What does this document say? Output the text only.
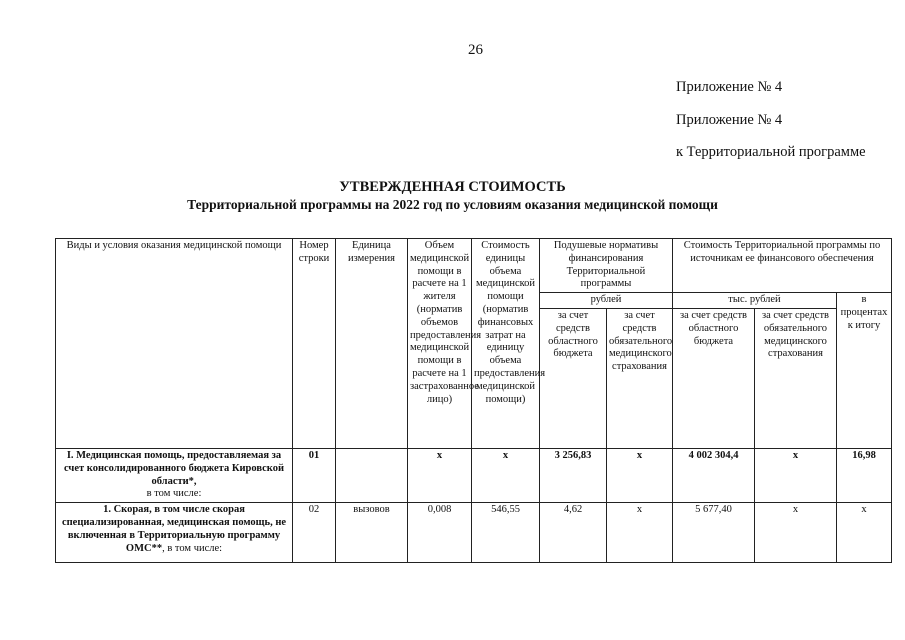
26
Приложение № 4
Приложение № 4
к Территориальной программе
УТВЕРЖДЕННАЯ СТОИМОСТЬ
Территориальной программы на 2022 год по условиям оказания медицинской помощи
Виды и условия оказания медицинской помощи	Номер строки	Единица измерения	Объем медицинской помощи в расчете на 1 жителя (норматив объемов предоставления медицинской помощи в расчете на 1 застрахованное лицо)	Стоимость единицы объема медицинской помощи (норматив финансовых затрат на единицу объема предоставления медицинской помощи)	Подушевые нормативы финансирования Территориальной программы		Стоимость Территориальной программы по источникам ее финансового обеспечения		
					рублей		тыс. рублей		в процентах к итогу
					за счет средств областного бюджета	за счет средств обязательного медицинского страхования	за счет средств областного бюджета	за счет средств обязательного медицинского страхования	
I. Медицинская помощь, предоставляемая за счет консолидированного бюджета Кировской области*,
в том числе:	01		х	х	3 256,83	х	4 002 304,4	х	16,98
1. Скорая, в том числе скорая специализированная, медицинская помощь, не включенная в Территориальную программу ОМС**, в том числе:	02	вызовов	0,008	546,55	4,62	х	5 677,40	х	х
